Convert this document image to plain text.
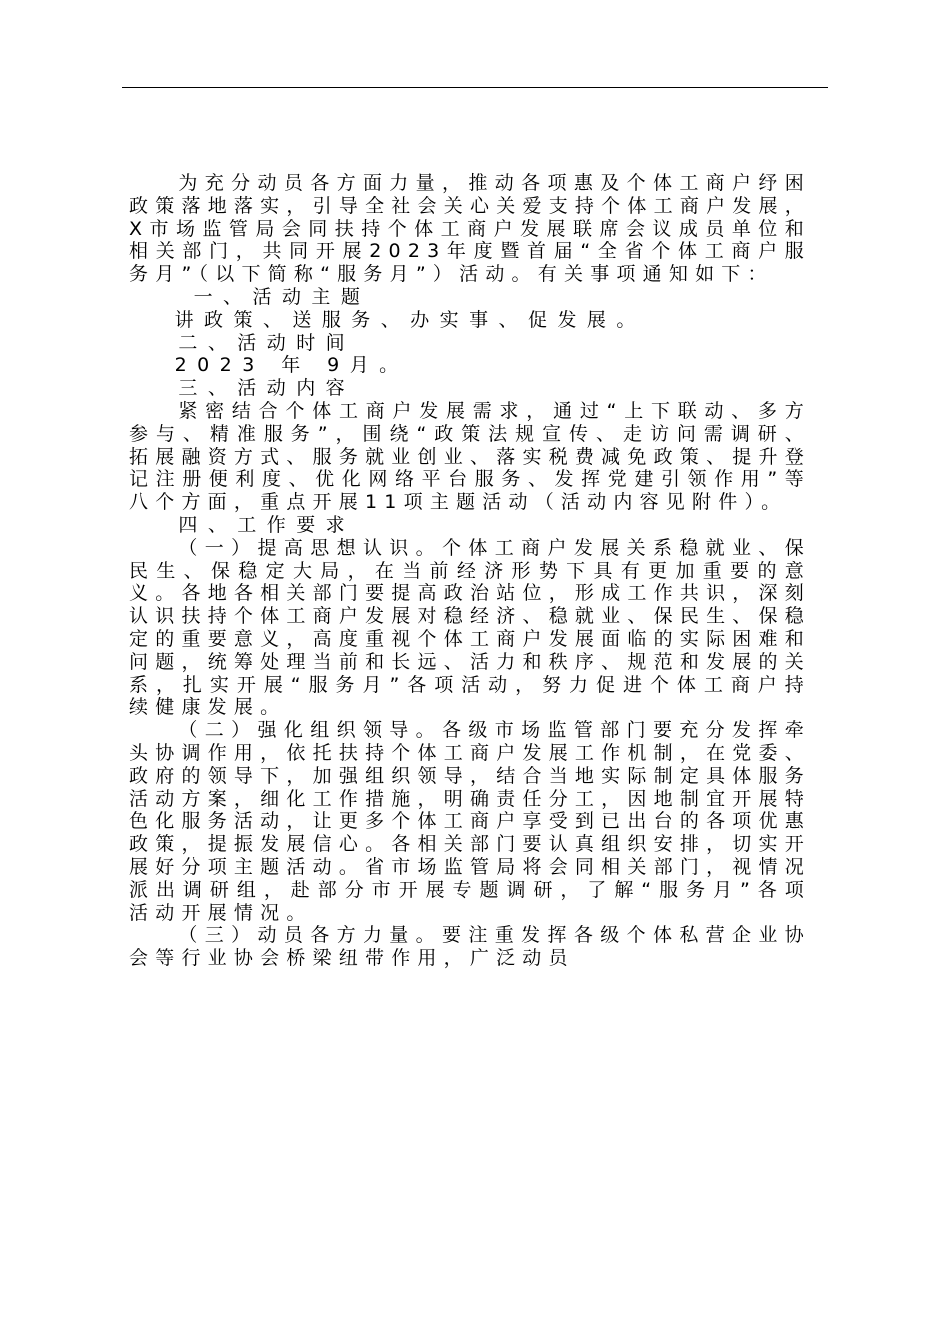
为充分动员各方面力量，推动各项惠及个体工商户纾困政策落地落实，引导全社会关心关爱支持个体工商户发展，X市场监管局会同扶持个体工商户发展联席会议成员单位和相关部门，共同开展2023年度暨首届“全省个体工商户服务月”（以下简称“服务月”）活动。有关事项通知如下：

一、活动主题

讲政策、送服务、办实事、促发展。

二、活动时间

2023 年 9月。

三、活动内容

紧密结合个体工商户发展需求，通过“上下联动、多方参与、精准服务”，围绕“政策法规宣传、走访问需调研、拓展融资方式、服务就业创业、落实税费减免政策、提升登记注册便利度、优化网络平台服务、发挥党建引领作用”等八个方面，重点开展11项主题活动（活动内容见附件）。

四、工作要求

（一）提高思想认识。个体工商户发展关系稳就业、保民生、保稳定大局，在当前经济形势下具有更加重要的意义。各地各相关部门要提高政治站位，形成工作共识，深刻认识扶持个体工商户发展对稳经济、稳就业、保民生、保稳定的重要意义，高度重视个体工商户发展面临的实际困难和问题，统筹处理当前和长远、活力和秩序、规范和发展的关系，扎实开展“服务月”各项活动，努力促进个体工商户持续健康发展。

（二）强化组织领导。各级市场监管部门要充分发挥牵头协调作用，依托扶持个体工商户发展工作机制，在党委、政府的领导下，加强组织领导，结合当地实际制定具体服务活动方案，细化工作措施，明确责任分工，因地制宜开展特色化服务活动，让更多个体工商户享受到已出台的各项优惠政策，提振发展信心。各相关部门要认真组织安排，切实开展好分项主题活动。省市场监管局将会同相关部门，视情况派出调研组，赴部分市开展专题调研，了解“服务月”各项活动开展情况。

（三）动员各方力量。要注重发挥各级个体私营企业协会等行业协会桥梁纽带作用，广泛动员
